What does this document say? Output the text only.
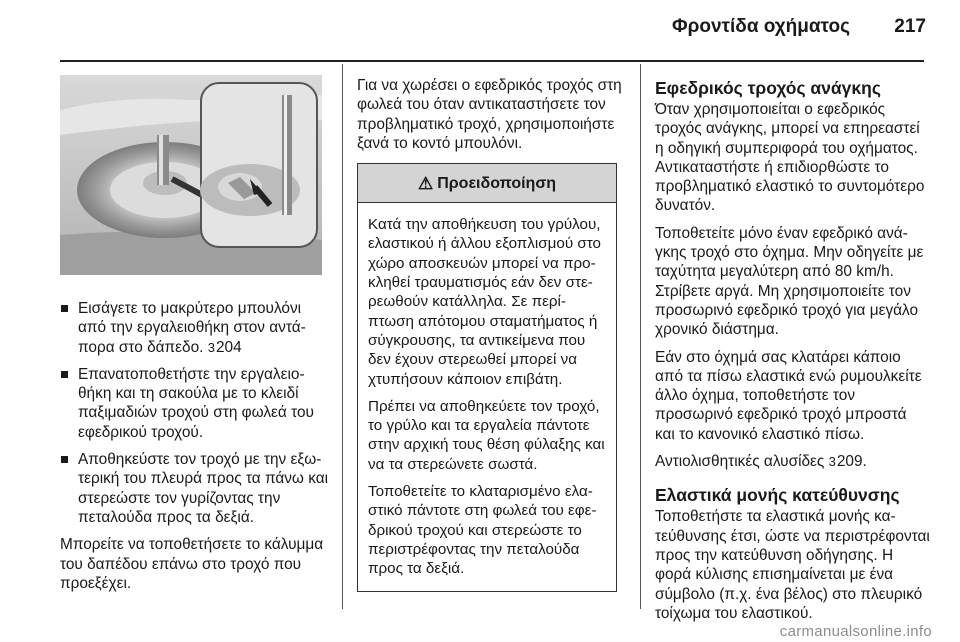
Φροντίδα οχήματος	217
Εισάγετε το μακρύτερο μπουλόνι από την εργαλειοθήκη στον αντάπορα στο δάπεδο. 3204
Επανατοποθετήστε την εργαλειοθήκη και τη σακούλα με το κλειδί παξιμαδιών τροχού στη φωλεά του εφεδρικού τροχού.
Αποθηκεύστε τον τροχό με την εξωτερική του πλευρά προς τα πάνω και στερεώστε τον γυρίζοντας την πεταλούδα προς τα δεξιά.

Μπορείτε να τοποθετήσετε το κάλυμμα του δαπέδου επάνω στο τροχό που προεξέχει.

Για να χωρέσει ο εφεδρικός τροχός στη φωλεά του όταν αντικαταστήσετε τον προβληματικό τροχό, χρησιμοποιήστε ξανά το κοντό μπουλόνι.

⚠ Προειδοποίηση

Κατά την αποθήκευση του γρύλου, ελαστικού ή άλλου εξοπλισμού στο χώρο αποσκευών μπορεί να προκληθεί τραυματισμός εάν δεν στερεωθούν κατάλληλα. Σε περίπτωση απότομου σταματήματος ή σύγκρουσης, τα αντικείμενα που δεν έχουν στερεωθεί μπορεί να χτυπήσουν κάποιον επιβάτη.

Πρέπει να αποθηκεύετε τον τροχό, το γρύλο και τα εργαλεία πάντοτε στην αρχική τους θέση φύλαξης και να τα στερεώνετε σωστά.

Τοποθετείτε το κλαταρισμένο ελαστικό πάντοτε στη φωλεά του εφεδρικού τροχού και στερεώστε το περιστρέφοντας την πεταλούδα προς τα δεξιά.

Εφεδρικός τροχός ανάγκης

Όταν χρησιμοποιείται ο εφεδρικός τροχός ανάγκης, μπορεί να επηρεαστεί η οδηγική συμπεριφορά του οχήματος. Αντικαταστήστε ή επιδιορθώστε το προβληματικό ελαστικό το συντομότερο δυνατόν.

Τοποθετείτε μόνο έναν εφεδρικό ανάγκης τροχό στο όχημα. Μην οδηγείτε με ταχύτητα μεγαλύτερη από 80 km/h. Στρίβετε αργά. Μη χρησιμοποιείτε τον προσωρινό εφεδρικό τροχό για μεγάλο χρονικό διάστημα.

Εάν στο όχημά σας κλατάρει κάποιο από τα πίσω ελαστικά ενώ ρυμουλκείτε άλλο όχημα, τοποθετήστε τον προσωρινό εφεδρικό τροχό μπροστά και το κανονικό ελαστικό πίσω.

Αντιολισθητικές αλυσίδες 3209.

Ελαστικά μονής κατεύθυνσης

Τοποθετήστε τα ελαστικά μονής κατεύθυνσης έτσι, ώστε να περιστρέφονται προς την κατεύθυνση οδήγησης. Η φορά κύλισης επισημαίνεται με ένα σύμβολο (π.χ. ένα βέλος) στο πλευρικό τοίχωμα του ελαστικού.

carmanualsonline.info
